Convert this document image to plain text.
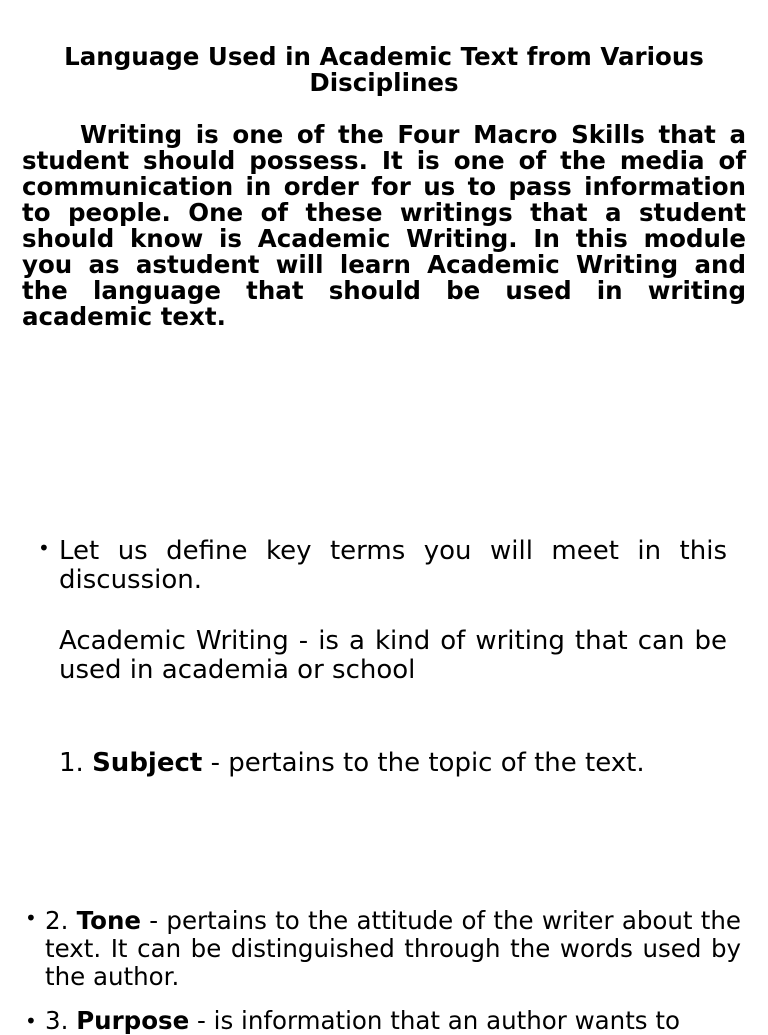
Language Used in Academic Text from Various Disciplines

Writing is one of the Four Macro Skills that a student should possess. It is one of the media of communication in order for us to pass information to people. One of these writings that a student should know is Academic Writing. In this module you as astudent will learn Academic Writing and the language that should be used in writing academic text.

• Let us define key terms you will meet in this discussion.

Academic Writing - is a kind of writing that can be used in academia or school

1. Subject - pertains to the topic of the text.

• 2. Tone - pertains to the attitude of the writer about the text. It can be distinguished through the words used by the author.

• 3. Purpose - is information that an author wants to
